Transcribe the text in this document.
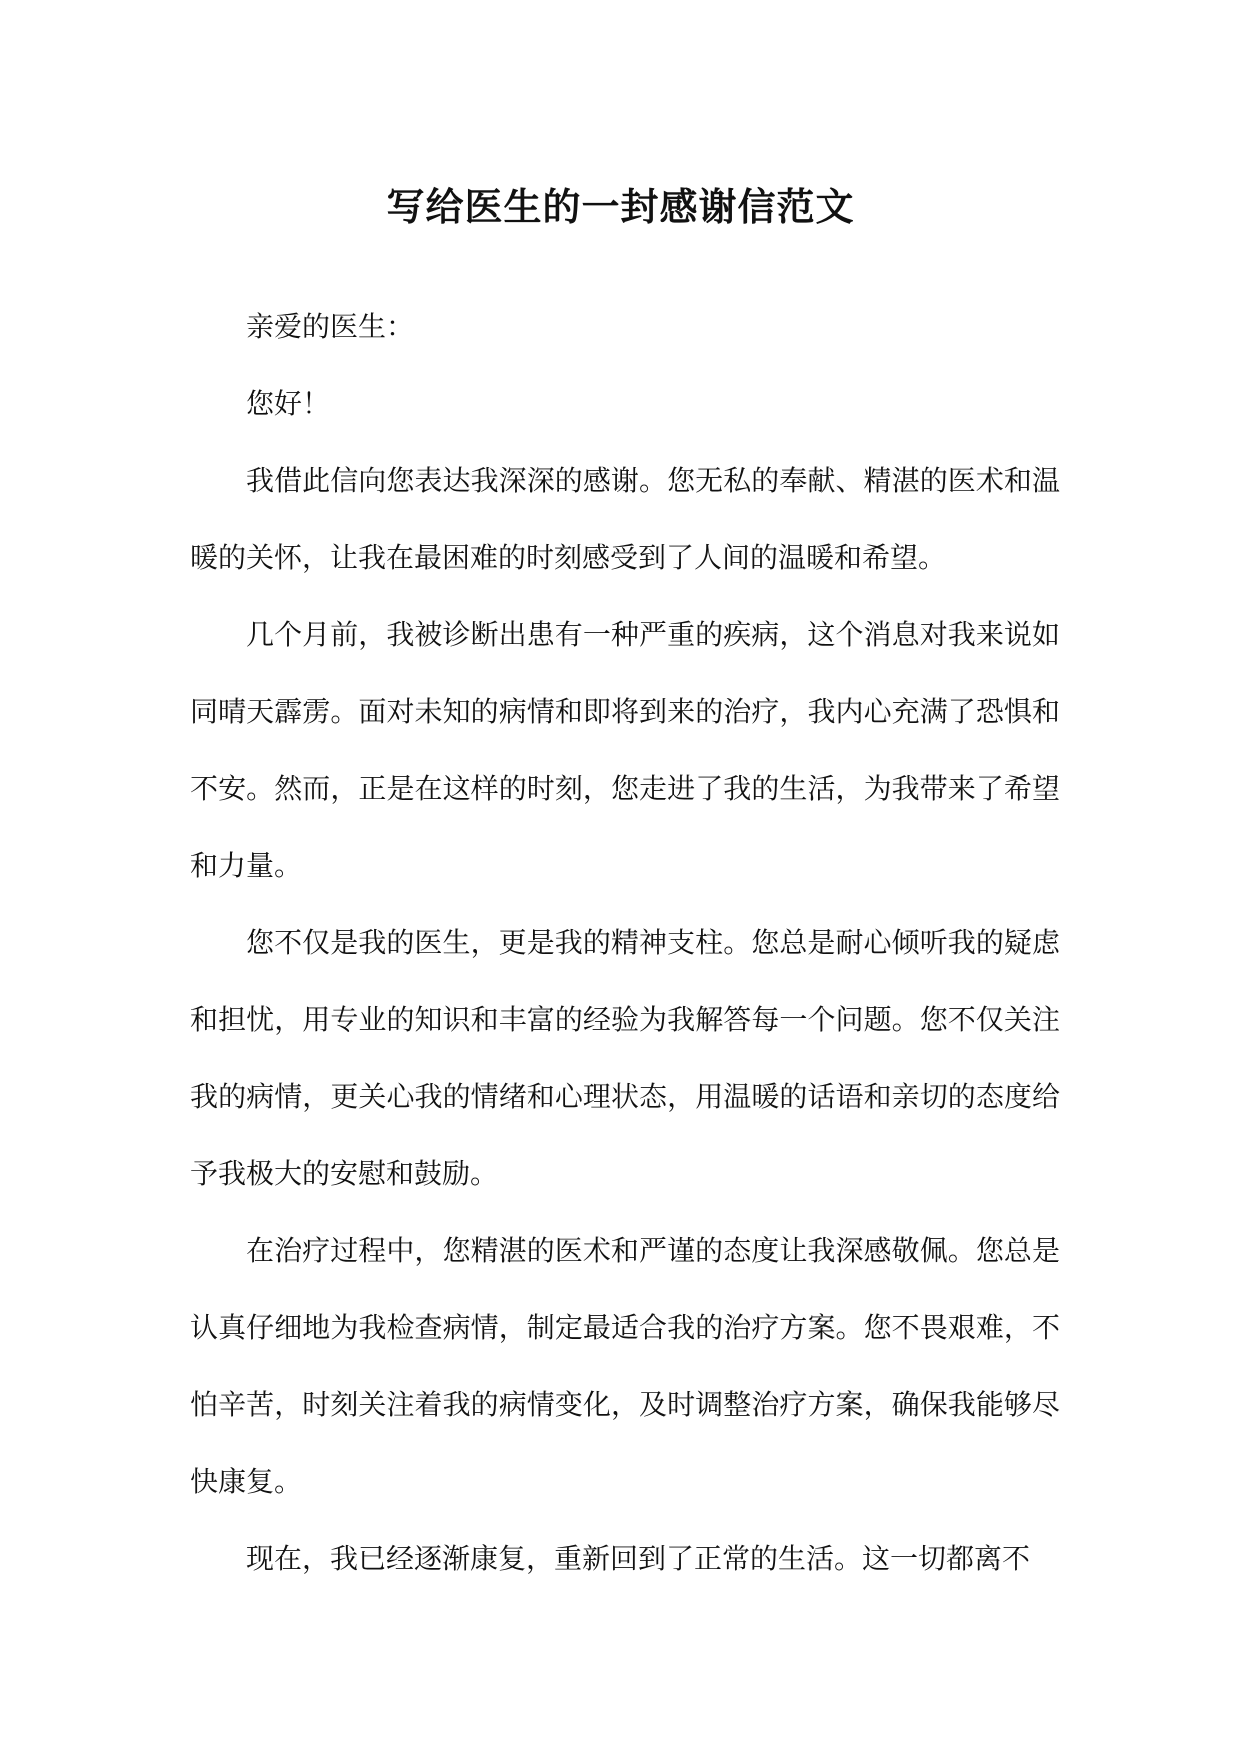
写给医生的一封感谢信范文

亲爱的医生：

您好！

我借此信向您表达我深深的感谢。您无私的奉献、精湛的医术和温暖的关怀，让我在最困难的时刻感受到了人间的温暖和希望。

几个月前，我被诊断出患有一种严重的疾病，这个消息对我来说如同晴天霹雳。面对未知的病情和即将到来的治疗，我内心充满了恐惧和不安。然而，正是在这样的时刻，您走进了我的生活，为我带来了希望和力量。

您不仅是我的医生，更是我的精神支柱。您总是耐心倾听我的疑虑和担忧，用专业的知识和丰富的经验为我解答每一个问题。您不仅关注我的病情，更关心我的情绪和心理状态，用温暖的话语和亲切的态度给予我极大的安慰和鼓励。

在治疗过程中，您精湛的医术和严谨的态度让我深感敬佩。您总是认真仔细地为我检查病情，制定最适合我的治疗方案。您不畏艰难，不怕辛苦，时刻关注着我的病情变化，及时调整治疗方案，确保我能够尽快康复。

现在，我已经逐渐康复，重新回到了正常的生活。这一切都离不
